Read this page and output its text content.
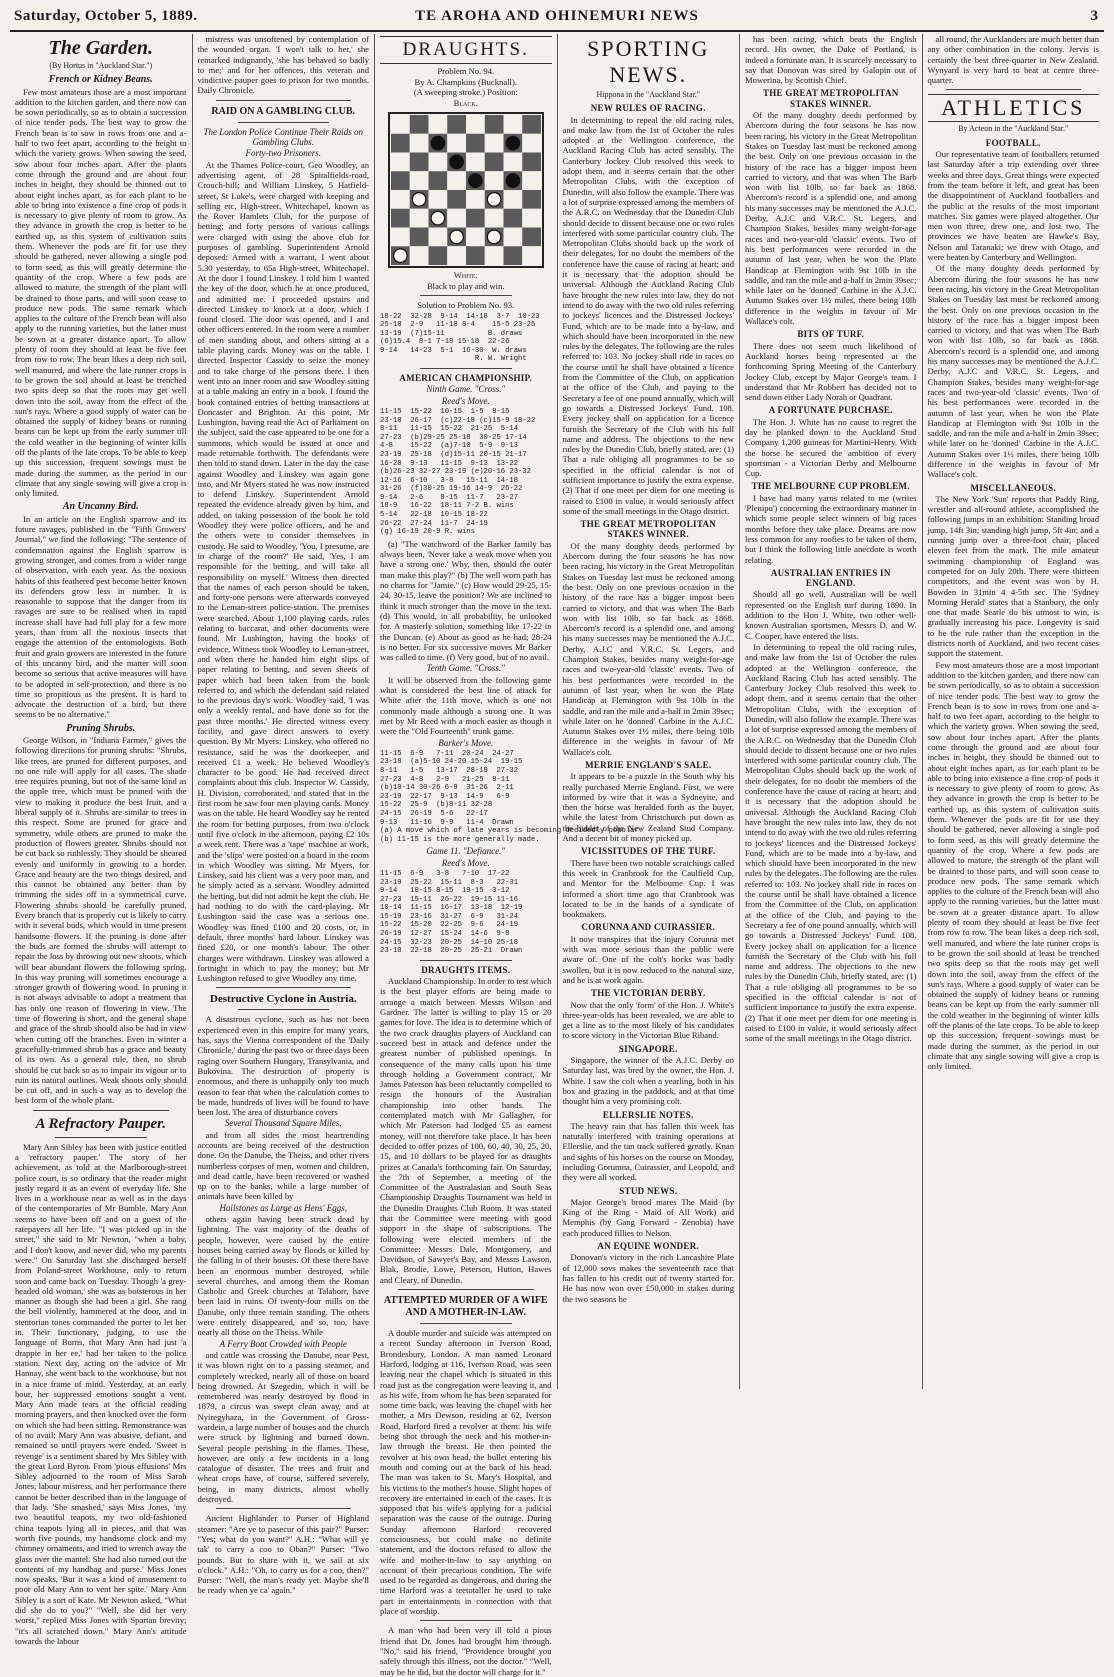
Saturday, October 5, 1889.	TE AROHA AND OHINEMURI NEWS	3
The Garden.
(By Hortus in "Auckland Star.")
French or Kidney Beans.

Few most amateurs those are a most important addition to the kitchen garden, and there now can be sown periodically, so as to obtain a succession of nice tender pods. The best way to grow the French bean is to sow in rows from one and a-half to two feet apart, according to the height to which the variety grows. When sowing the seed, sow about four inches apart. After the plants come through the ground and are about four inches in height, they should be thinned out to about eight inches apart, as for each plant to be able to bring into existence a fine crop of pods it is necessary to give plenty of room to grow. As they advance in growth the crop is better to be earthed up, as this system of cultivation suits them. Whenever the pods are fit for use they should be gathered, never allowing a single pod to form seed, as this will greatly determine the quantity of the crop. Where a few pods are allowed to mature, the strength of the plant will be drained to those parts, and will soon cease to produce new pods. The same remark which applies to the culture of the French bean will also apply to the running varieties, but the latter must be sown at a greater distance apart. To allow plenty of room they should at least be five feet from row to row. The bean likes a deep rich soil, well manured, and where the late runner crops is to be grown the soil should at least be trenched two spits deep so that the roots may get well down into the soil, away from the effect of the sun's rays. Where a good supply of water can be obtained the supply of kidney beans or running beans can be kept up from the early summer till the cold weather in the beginning of winter kills off the plants of the late crops. To be able to keep up this succession, frequent sowings must be made during the summer, as the period in our climate that any single sowing will give a crop is only limited.

An Uncanny Bird.

In an article on the English sparrow and its future ravages, published in the "Fifth Growers' Journal," we find the following: "The sentence of condemnation against the English sparrow is growing stronger, and comes from a wider range of observation, with each year. As the noxious habits of this feathered pest become better known its defenders grow less in number. It is reasonable to suppose that the danger from its ravages are sure to be realised when its rapid increase shall have had full play for a few more years, than from all the noxious insects that engage the attention of the entomologists. Both fruit and grain growers are interested in the future of this uncanny bird, and the matter will soon become so serious that active measures will have to be adopted in self-protection, and there is no time so propitious as the present. It is hard to advocate the destruction of a bird, but there seems to be no alternative."

Pruning Shrubs.

George Wilson, in "Indiana Farmer," gives the following directions for pruning shrubs: "Shrubs, like trees, are pruned for different purposes, and no one rule will apply for all cases. The shade tree requires pruning, but not of the same kind as the apple tree, which must be pruned with the view to making it produce the best fruit, and a liberal supply of it. Shrubs are similar to trees in this respect. Some are pruned for grace and symmetry, while others are pruned to make the production of flowers greater. Shrubs should not be cut back so ruthlessly. They should be sheared evenly and uniformly in growing to a border. Grace and beauty are the two things desired, and this cannot be obtained any better than by trimming the sides off in a symmetrical curve. Flowering shrubs should be carefully pruned. Every branch that is properly cut is likely to carry with it several buds, which would in time present handsome flowers. If the pruning is done after the buds are formed the shrubs will attempt to repair the loss by throwing out new shoots, which will bear abundant flowers the following spring. In this way pruning will sometimes encourage a stronger growth of flowering wood. In pruning it is not always advisable to adopt a treatment that has only one reason of flowering in view. The time of flowering is short, and the general shape and grace of the shrub should also be had in view when cutting off the branches. Even in winter a gracefully-trimmed shrub has a grace and beauty of its own. As a general rule, then, no shrub should be cut back so as to impair its vigour or to ruin its natural outlines. Weak shoots only should be cut off, and in such a way as to develop the best form of the whole plant.

A Refractory Pauper.

Mary Ann Sibley has been with justice entitled a 'refractory pauper.' The story of her achievement, as told at the Marlborough-street police court, is so ordinary that the reader might justly regard it as an event of everyday life. She lives in a workhouse near as well as in the days of the contemporaries of Mr Bumble. Mary Ann seems to have been off and on a guest of the ratepayers all her life. "I was picked up in the street," she said to Mr Newton, "when a baby, and I don't know, and never did, who my parents were." On Saturday last she discharged herself from Poland-street Workhouse, only to return soon and came back on Tuesday. Though 'a grey-headed old woman,' she was as boisterous in her manner as though she had been a girl. She rang the bell violently, hammered at the door, and in stentorian tones commanded the porter to let her in. Their functionary, judging, to use the language of Burns, that Mary Ann had just 'a drappie in her ee,' had her taken to the police station. Next day, acting on the advice of Mr Hannay, she went back to the workhouse, but not in a nice frame of mind. Yesterday, at an early hour, her suppressed emotions sought a vent. Mary Ann made tears at the official reading morning prayers, and then knocked over the form on which she had been sitting. Remonstrance was of no avail; Mary Ann was abusive, defiant, and remained so until prayers were ended. 'Sweet is revenge' is a sentiment shared by Mrs Sibley with the great Lord Byron. From 'pious effusions' Mrs Sibley adjourned to the room of Miss Sarah Jones, labour mistress, and her performance there cannot be better described than in the language of that lady. 'She smashed,' says Miss Jones, 'my two beautiful teapots, my two old-fashioned china teapots lying all in pieces, and that was worth five pounds, my handsome clock and my chimney ornaments, and tried to wrench away the glass over the mantel. She had also turned out the contents of my handbag and purse.' Miss Jones now speaks, 'But it was a kind of amusement to poor old Mary Ann to vent her spite.' Mary Ann Sibley is a sort of Kate. Mr Newton asked, "What did she do to you?" "Well, she did her very worst," replied Miss Jones with Spartan brevity; "it's all scratched down." Mary Ann's attitude towards the labour

mistress was unsoftened by contemplation of the wounded organ. 'I won't talk to her,' she remarked indignantly, 'she has behaved so badly to me;' and for her offences, this veteran and vindictive pauper goes to prison for two months. Daily Chronicle.

RAID ON A GAMBLING CLUB.
The London Police Continue Their Raids on Gambling Clubs.
Forty-two Prisoners.

At the Thames Police-court, Geo Woodley, an advertising agent, of 28 Spitalfields-road, Crouch-hill; and William Linskey, 5 Hatfield-street, St Luke's, were charged with keeping and selling etc. High-street, Whitechapel, known as the Rover Hamlets Club, for the purpose of betting; and forty persons of various callings were charged with using the above club for purposes of gambling. Superintendent Arnold deposed: Armed with a warrant, I went about 5.30 yesterday, to 65a High-street, Whitechapel. At the door I found Linskey. I told him I wanted the key of the door, which he at once produced, and admitted me. I proceeded upstairs and directed Linskey to knock at a door, which I found closed. The door was opened, and I and other officers entered. In the room were a number of men standing about, and others sitting at a table playing cards. Money was on the table. I directed Inspector Cassidy to seize the money and to take charge of the persons there. I then went into an inner room and saw Woodley sitting at a table making an entry in a book. I found the book contained entries of betting transactions at Doncaster and Brighton. At this point, Mr Lushington, having read the Act of Parliament on the subject, said the case appeared to be one for a summons, which would be issued at once and made returnable forthwith. The defendants were then told to stand down. Later in the day the case against Woodley and Linskey was again gone into, and Mr Myers stated he was now instructed to defend Linskey. Superintendent Arnold repeated the evidence already given by him, and added, on taking possession of the book he told Woodley they were police officers, and he and the others were to consider themselves in custody. He said to Woodley, 'You, I presume, are in charge of the room?' He said, 'Yes, I am responsible for the betting, and will take all responsibility on myself.' Witness then directed that the names of each person should be taken, and forty-one persons were afterwards conveyed to the Leman-street police-station. The premises were searched. About 1,100 playing cards, rules relating to baccarat, and other documents were found. Mr Lushington, having the books of evidence, Witness took Woodley to Leman-street, and when there he handed him eight slips of paper relating to betting, and seven sheets of paper which had been taken from the book referred to, and which the defendant said related to the previous day's work. Woodley said, 'I was only a weekly rental, and have done so for the past three months.' He directed witness every facility, and gave direct answers to every question. By Mr Myers: Linskey, who offered no resistance, said he was the doorkeeper, and received £1 a week. He believed Woodley's character to be good. He had received direct complaints about this club. Inspector W. Cassidy, H. Division, corroborated, and stated that in the first room he saw four men playing cards. Money was on the table. He heard Woodley say he rented the room for betting purposes, from two o'clock until five o'clock in the afternoon, paying £2 10s a week rent. There was a 'tape' machine at work, and the 'slips' were posted on a board in the room in which Woodley was sitting. Mr Myers, for Linskey, said his client was a very poor man, and he simply acted as a servant. Woodley admitted the betting, but did not admit he kept the club. He had nothing to do with the card-playing. Mr Lushington said the case was a serious one. Woodley was fined £100 and 20 costs, or, in default, three months' hard labour. Linskey was fined £20, or one month's labour. The other charges were withdrawn. Linskey was allowed a fortnight in which to pay the money; but Mr Lushington refused to give Woodley any time.

Destructive Cyclone in Austria.

A disastrous cyclone, such as has not been experienced even in this empire for many years, has, says the Vienna correspondent of the 'Daily Chronicle,' during the past two or three days been raging over Southern Hungary, Transylvania, and Bukovina. The destruction of property is enormous, and there is unhappily only too much reason to fear that when the calculation comes to be made, hundreds of lives will be found to have been lost. The area of disturbance covers

Several Thousand Square Miles,

and from all sides the most heartrending accounts are being received of the destruction done. On the Danube, the Theiss, and other rivers numberless corpses of men, women and children, and dead cattle, have been recovered or washed up on to the banks, while a large number of animals have been killed by

Hailstones as Large as Hens' Eggs,

others again having been struck dead by lightning. The vast majority of the deaths of people, however, were caused by the entire houses being carried away by floods or killed by the falling in of their houses. Of these there have been an enormous number destroyed, while several churches, and among them the Roman Catholic and Greek churches at Talaborr, have been laid in ruins. Of twenty-four mills on the Danube, only three remain standing. The others were entirely disappeared, and so, too, have nearly all those on the Theiss. While

A Ferry Boat Crowded with People

and cattle was crossing the Danube, near Pest, it was blown right on to a passing steamer, and completely wrecked, nearly all of those on board being drowned. At Szegedin, which it will be remembered was nearly destroyed by flood in 1879, a circus was swept clean away, and at Nyiregyhaza, in the Government of Gross-wardein, a large number of houses and the church were struck by lightning and burned down. Several people perishing in the flames. These, however, are only a few incidents in a long catalogue of disaster. The trees and fruit and wheat crops have, of course, suffered severely, being, in many districts, almost wholly destroyed.

Ancient Highlander to Purser of Highland steamer: "Are ye to pasecur of this pair?" Purser: "Yes; what do you want?" A.H.: "What will ye tak' to carry a coo to Oban?" Purser: "Two pounds. But to share with it, we sail at six o'clock." A.H.: "Oh, to carry us for a coo, then?" Purser: "Well, the man's ready yet. Maybe she'll be ready when ye ca' again."

DRAUGHTS.
Problem No. 94.
By A. Champkins (Bucknall).
(A sweeping stroke.) Position:
Black.
White.
Black to play and win.
Solution to Problem No. 93.
18-22  32-28  9-14  14-18  3-7  10-23
25-18  2-9   11-18 8-4    15-5 23-25
13-19  (7)15-11          B. draws
(6)15.4  8-1 7-18 15-18  22-26
9-14   14-23  5-1  16-30  W. draws
R. W. Wright
AMERICAN CHAMPIONSHIP.
Ninth Game. "Cross."
Reed's Move.
11-15  15-22  10-15  1-5  8-15
23-18  26-17  (c)22-18 (c)15-9 18-22
8-11   11-15  15-22  21-25  5-14
27-23  (b)29-25 25-18  30-25 17-14
4-8    15-22  (a)7-10  5-9  9-13
23-19  25-18  (d)15-11 20-15 21-17
16-20  9-13   11-15  9-13  13-22
(b)26-23 32-27 23-19 (e)20-16 23-32
12-16  6-10   3-8   15-11  14-18
31-26  (f)30-25 19-16 14-9  26-22
9-14   2-6    8-15  11-7   23-27
18-9   16-22  18-11 7-2 B. wins
5-14   22-18  10-15 18-22
26-22  27-24  11-7  24-19
(g) 16-19 20-9 R. wins

(a) "The watchword of the Barker family has always been, 'Never take a weak move when you have a strong one.' Why, then, should the outer man make this play?" (b) The well worn path has no charms for "Jamie." (c) How would 29-25, 15-24, 30-15, leave the position? We are inclined to think it much stronger than the move in the text. (d) This would, in all probability, be unlooked for. A masterly solution, something like 17-22 in the Duncan. (e) About as good as he had; 28-24 is no better. For six successive moves Mr Barker was called to time. (f) Very good, but of no avail.

Tenth Game. "Cross."

It will be observed from the following game what is considered the best line of attack for White after the 11th move, which is one not commonly made although a strong one. It was met by Mr Reed with a much easier as though it were the "Old Fourteenth" trunk game.

Barker's Move.
11-15  6-9   7-11  20-24  24-27
23-18  (a)5-10 24-20 15-24  19-15
8-11   1-5   13-17  28-19  27-32
27-23  4-8   2-9   21-25  8-11
(b)10-14 30-26 6-9  31-26  2-11
23-19  22-17  9-13  14-9   6-9
15-22  25-9  (b)8-11 32-28
24-15  26-19  5-6   22-17
9-13   11-16  9-9   11-4  Drawn
(a) A move which of late years is becoming decidedly popular.
(b) 11-15 is the more generally made.
Game 11. "Defiance."
Reed's Move.
11-15  6-9   3-8   7-10  17-22
23-19  25-22  15-11  8-3   22-31
9-14   10-15 8-15  19-15  3-12
27-23  15-11  26-22  19-15 11-16
10-14  11-15  16-17  13-18  12-19
15-19  23-16  31-27  6-9   31-24
15-22  15-20  22-25  9-6   24-19
26-19  12-27  15-24  14-6  9-8
24-15  32-23  20-25  14-10 25-18
23-18  22-18  20-25  25-21  Drawn
DRAUGHTS ITEMS.

Auckland Championship. In order to test which is the best player efforts are being made to arrange a match between Messrs Wilson and Gardner. The latter is willing to play 15 or 20 games for love. The idea is to determine which of the two crack draughts players of Auckland can succeed best in attack and defence under the greatest number of published openings. In consequence of the many calls upon his time through holding a Government contract, Mr James Paterson has been reluctantly compelled to resign the honours of the Australian championship into other hands. The contemplated match with Mr Gallagher, for which Mr Paterson had lodged £5 as earnest money, will not therefore take place. It has been decided to offer prizes of 100, 60, 40, 30, 25, 20, 15, and 10 dollars to be played for as draughts prizes at Canada's forthcoming fair. On Saturday, the 7th of September, a meeting of the Committee of the Australasian and South Seas Championship Draughts Tournament was held in the Dunedin Draughts Club Room. It was stated that the Committee were meeting with good support in the shape of subscriptions. The following were elected members of the Committee: Messrs Dale, Montgomery, and Davidson, of Sawyer's Bay, and Messrs Lawson, Blak, Brodie, Lowe, Peterson, Hutton, Hawes and Cleary, of Dunedin.

ATTEMPTED MURDER OF A WIFE AND A MOTHER-IN-LAW.

A double murder and suicide was attempted on a recent Sunday afternoon in Iverson Road, Brondesbury, London. A man named Leonard Harford, lodging at 116, Iverson Road, was seen leaving near the chapel which is situated in this road just as the congregation were leaving it, and as his wife, from whom he has been separated for some time back, was leaving the chapel with her mother, a Mrs Dewson, residing at 62, Iverson Road, Harford fired a revolver at them: his wife being shot through the neck and his mother-in-law through the breast. He then pointed the revolver at his own head, the bullet entering his mouth and coming out at the back of his head. The man was taken to St. Mary's Hospital, and his victims to the mother's house. Slight hopes of recovery are entertained in each of the cases. It is supposed that his wife's applying for a judicial separation was the cause of the outrage. During Sunday afternoon Harford recovered consciousness, but could make no definite statement, and the doctors refused to allow the wife and mother-in-law to say anything on account of their precarious condition. The wife used to be regarded as dangerous, and during the time Harford was a teetotaller he used to take part in entertainments in connection with that place of worship.

A man who had been very ill told a pious friend that Dr. Jones had brought him through. "No," said his friend, "Providence brought you safely through this illness, not the doctor." "Well, may be he did, but the doctor will charge for it."

SPORTING NEWS.
Hippona in the "Auckland Star."
NEW RULES OF RACING.

In determining to repeal the old racing rules, and make law from the 1st of October the rules adopted at the Wellington conference, the Auckland Racing Club has acted sensibly. The Canterbury Jockey Club resolved this week to adopt them, and it seems certain that the other Metropolitan Clubs, with the exception of Dunedin, will also follow the example. There was a lot of surprise expressed among the members of the A.R.C. on Wednesday that the Dunedin Club should decide to dissent because one or two rules interfered with some particular country club. The Metropolitan Clubs should back up the work of their delegates, for no doubt the members of the conference have the cause of racing at heart; and it is necessary that the adoption should be universal. Although the Auckland Racing Club have brought the new rules into law, they do not intend to do away with the two old rules referring to jockeys' licences and the Distressed Jockeys' Fund, which are to be made into a by-law, and which should have been incorporated in the new rules by the delegates. The following are the rules referred to: 103. No jockey shall ride in races on the course until he shall have obtained a licence from the Committee of the Club, on application at the office of the Club, and paying to the Secretary a fee of one pound annually, which will go towards a Distressed Jockeys' Fund. 108. Every jockey shall on application for a licence furnish the Secretary of the Club with his full name and address. The objections to the new rules by the Dunedin Club, briefly stated, are: (1) That a rule obliging all programmes to be so specified in the official calendar is not of sufficient importance to justify the extra expense. (2) That if one meet per diem for one meeting is raised to £100 in value, it would seriously affect some of the small meetings in the Otago district.

THE GREAT METROPOLITAN STAKES WINNER.

Of the many doughty deeds performed by Abercorn during the four seasons he has now been racing, his victory in the Great Metropolitan Stakes on Tuesday last must be reckoned among the best. Only on one previous occasion in the history of the race has a bigger impost been carried to victory, and that was when The Barb won with list 10lb, so far back as 1868. Abercorn's record is a splendid one, and among his many successes may be mentioned the A.J.C. Derby, A.J.C and V.R.C. St. Legers, and Champion Stakes, besides many weight-for-age races and two-year-old 'classic' events. Two of his best performances were recorded in the autumn of last year, when he won the Plate Handicap at Flemington with 9st 10lb in the saddle, and ran the mile and a-half in 2min 39sec; while later on he 'donned' Carbine in the A.J.C. Autumn Stakes over 1½ miles, there being 10lb difference in the weights in favour of Mr Wallace's colt.

MERRIE ENGLAND'S SALE.

It appears to be a puzzle in the South why his really purchased Merrie England. First, we were informed by wire that it was a Sydneyite, and then the horse was heralded forth as the buyer, while the latest from Christchurch put down as the bidder of the New Zealand Stud Company. And a decent bit of money picked up.

VICISSITUDES OF THE TURF.

There have been two notable scratchings called this week in Cranbrook for the Caulfield Cup, and Mentor for the Melbourne Cup. I was informed a short time ago that Cranbrook was located to be in the hands of a syndicate of bookmakers.

CORUNNA AND CUIRASSIER.

It now transpires that the injury Corunna met with was more serious than the public were aware of. One of the colt's hocks was badly swollen, but it is now reduced to the natural size, and he is at work again.

THE VICTORIAN DERBY.

Now that the only 'form' of the Hon. J. White's three-year-olds has been revealed, we are able to get a line as to the most likely of his candidates to score victory in the Victorian Blue Riband.

SINGAPORE.

Singapore, the winner of the A.J.C. Derby on Saturday last, was bred by the owner, the Hon. J. White. I saw the colt when a yearling, both in his box and grazing in the paddock, and at that time thought him a very promising colt.

ELLERSLIE NOTES.

The heavy rain that has fallen this week has naturally interfered with training operations at Ellerslie, and the tan track suffered greatly. Knan and sights of his horses on the course on Monday, including Gorumna, Cuirassier, and Leopold, and they were all worked.

STUD NEWS.

Major George's brood mares The Maid (by King of the Ring - Maid of All Work) and Memphis (by Gang Forward - Zenobia) have each produced fillies to Nelson.

AN EQUINE WONDER.

Donovan's victory in the rich Lancashire Plate of 12,000 sovs makes the seventeenth race that has fallen to his credit out of twenty started for. He has now won over £50,000 in stakes during the two seasons he

has been racing, which beats the English record. His owner, the Duke of Portland, is indeed a fortunate man. It is scarcely necessary to say that Donovan was sired by Galopin out of Mowerina, by Scottish Chief.

THE GREAT METROPOLITAN STAKES WINNER.

Of the many doughty deeds performed by Abercorn during the four seasons he has now been racing, his victory in the Great Metropolitan Stakes on Tuesday last must be reckoned among the best. Only on one previous occasion in the history of the race has a bigger impost been carried to victory, and that was when The Barb won with list 10lb, so far back as 1868. Abercorn's record is a splendid one, and among his many successes may be mentioned the A.J.C. Derby, A.J.C and V.R.C. St. Legers, and Champion Stakes, besides many weight-for-age races and two-year-old 'classic' events. Two of his best performances were recorded in the autumn of last year, when he won the Plate Handicap at Flemington with 9st 10lb in the saddle, and ran the mile and a-half in 2min 39sec; while later on he 'donned' Carbine in the A.J.C. Autumn Stakes over 1½ miles, there being 10lb difference in the weights in favour of Mr Wallace's colt.

BITS OF TURF.

There does not seem much likelihood of Auckland horses being represented at the forthcoming Spring Meeting of the Canterbury Jockey Club, except by Major George's team. I understand that Mr Robbert has decided not to send down either Lady Norah or Quadrant.

A FORTUNATE PURCHASE.

The Hon. J. White has no cause to regret the day he planked down to the Auckland Stud Company 1,200 guineas for Martini-Henry. With the horse he secured the ambition of every sportsman - a Victorian Derby and Melbourne Cup.

THE MELBOURNE CUP PROBLEM.

I have had many yarns related to me (writes 'Plenipo') concerning the extraordinary manner in which some people select winners of big races months before they take place. Dreams are now less common for any roofies to be taken of them, but I think the following little anecdote is worth relating.

AUSTRALIAN ENTRIES IN ENGLAND.

Should all go well, Australian will be well represented on the English turf during 1890. In addition to the Hon J. White, two other well-known Australian sportsmen, Messrs D. and W. C. Cooper, have entered the lists.

In determining to repeal the old racing rules, and make law from the 1st of October the rules adopted at the Wellington conference, the Auckland Racing Club has acted sensibly. The Canterbury Jockey Club resolved this week to adopt them, and it seems certain that the other Metropolitan Clubs, with the exception of Dunedin, will also follow the example. There was a lot of surprise expressed among the members of the A.R.C. on Wednesday that the Dunedin Club should decide to dissent because one or two rules interfered with some particular country club. The Metropolitan Clubs should back up the work of their delegates, for no doubt the members of the conference have the cause of racing at heart; and it is necessary that the adoption should be universal. Although the Auckland Racing Club have brought the new rules into law, they do not intend to do away with the two old rules referring to jockeys' licences and the Distressed Jockeys' Fund, which are to be made into a by-law, and which should have been incorporated in the new rules by the delegates. The following are the rules referred to: 103. No jockey shall ride in races on the course until he shall have obtained a licence from the Committee of the Club, on application at the office of the Club, and paying to the Secretary a fee of one pound annually, which will go towards a Distressed Jockeys' Fund. 108. Every jockey shall on application for a licence furnish the Secretary of the Club with his full name and address. The objections to the new rules by the Dunedin Club, briefly stated, are: (1) That a rule obliging all programmes to be so specified in the official calendar is not of sufficient importance to justify the extra expense. (2) That if one meet per diem for one meeting is raised to £100 in value, it would seriously affect some of the small meetings in the Otago district.

all round, the Aucklanders are much better than any other combination in the colony. Jervis is certainly the best three-quarter in New Zealand. Wynyard is very hard to beat at centre three-quarter.

ATHLETICS
By Acteon in the "Auckland Star."
FOOTBALL.

Our representative team of footballers returned last Saturday after a trip extending over three weeks and three days. Great things were expected from the team before it left, and great has been the disappointment of Auckland footballers and the public at the results of the most important matches. Six games were played altogether. Our men won three, drew one, and lost two. The provinces we have beaten are Hawke's Bay, Nelson and Taranaki; we drew with Otago, and were beaten by Canterbury and Wellington.

Of the many doughty deeds performed by Abercorn during the four seasons he has now been racing, his victory in the Great Metropolitan Stakes on Tuesday last must be reckoned among the best. Only on one previous occasion in the history of the race has a bigger impost been carried to victory, and that was when The Barb won with list 10lb, so far back as 1868. Abercorn's record is a splendid one, and among his many successes may be mentioned the A.J.C. Derby, A.J.C and V.R.C. St. Legers, and Champion Stakes, besides many weight-for-age races and two-year-old 'classic' events. Two of his best performances were recorded in the autumn of last year, when he won the Plate Handicap at Flemington with 9st 10lb in the saddle, and ran the mile and a-half in 2min 39sec; while later on he 'donned' Carbine in the A.J.C. Autumn Stakes over 1½ miles, there being 10lb difference in the weights in favour of Mr Wallace's colt.

MISCELLANEOUS.

The New York 'Sun' reports that Paddy Ring, wrestler and all-round athlete, accomplished the following jumps in an exhibition: Standing broad jump, 14ft 3in; standing high jump, 5ft 4in; and a running jump over a three-foot chair, placed eleven feet from the mark. The mile amateur swimming championship of England was competed for on July 20th. There were thirteen competitors, and the event was won by H. Bowden in 31min 4 4-5th sec. The 'Sydney Morning Herald' states that a Stanbury, the only one that made Searle do his utmost to win, is gradually increasing his pace. Longevity is said to be the rule rather than the exception in the districts north of Auckland, and two recent cases support the statement.

Few most amateurs those are a most important addition to the kitchen garden, and there now can be sown periodically, so as to obtain a succession of nice tender pods. The best way to grow the French bean is to sow in rows from one and a-half to two feet apart, according to the height to which the variety grows. When sowing the seed, sow about four inches apart. After the plants come through the ground and are about four inches in height, they should be thinned out to about eight inches apart, as for each plant to be able to bring into existence a fine crop of pods it is necessary to give plenty of room to grow. As they advance in growth the crop is better to be earthed up, as this system of cultivation suits them. Whenever the pods are fit for use they should be gathered, never allowing a single pod to form seed, as this will greatly determine the quantity of the crop. Where a few pods are allowed to mature, the strength of the plant will be drained to those parts, and will soon cease to produce new pods. The same remark which applies to the culture of the French bean will also apply to the running varieties, but the latter must be sown at a greater distance apart. To allow plenty of room they should at least be five feet from row to row. The bean likes a deep rich soil, well manured, and where the late runner crops is to be grown the soil should at least be trenched two spits deep so that the roots may get well down into the soil, away from the effect of the sun's rays. Where a good supply of water can be obtained the supply of kidney beans or running beans can be kept up from the early summer till the cold weather in the beginning of winter kills off the plants of the late crops. To be able to keep up this succession, frequent sowings must be made during the summer, as the period in our climate that any single sowing will give a crop is only limited.
